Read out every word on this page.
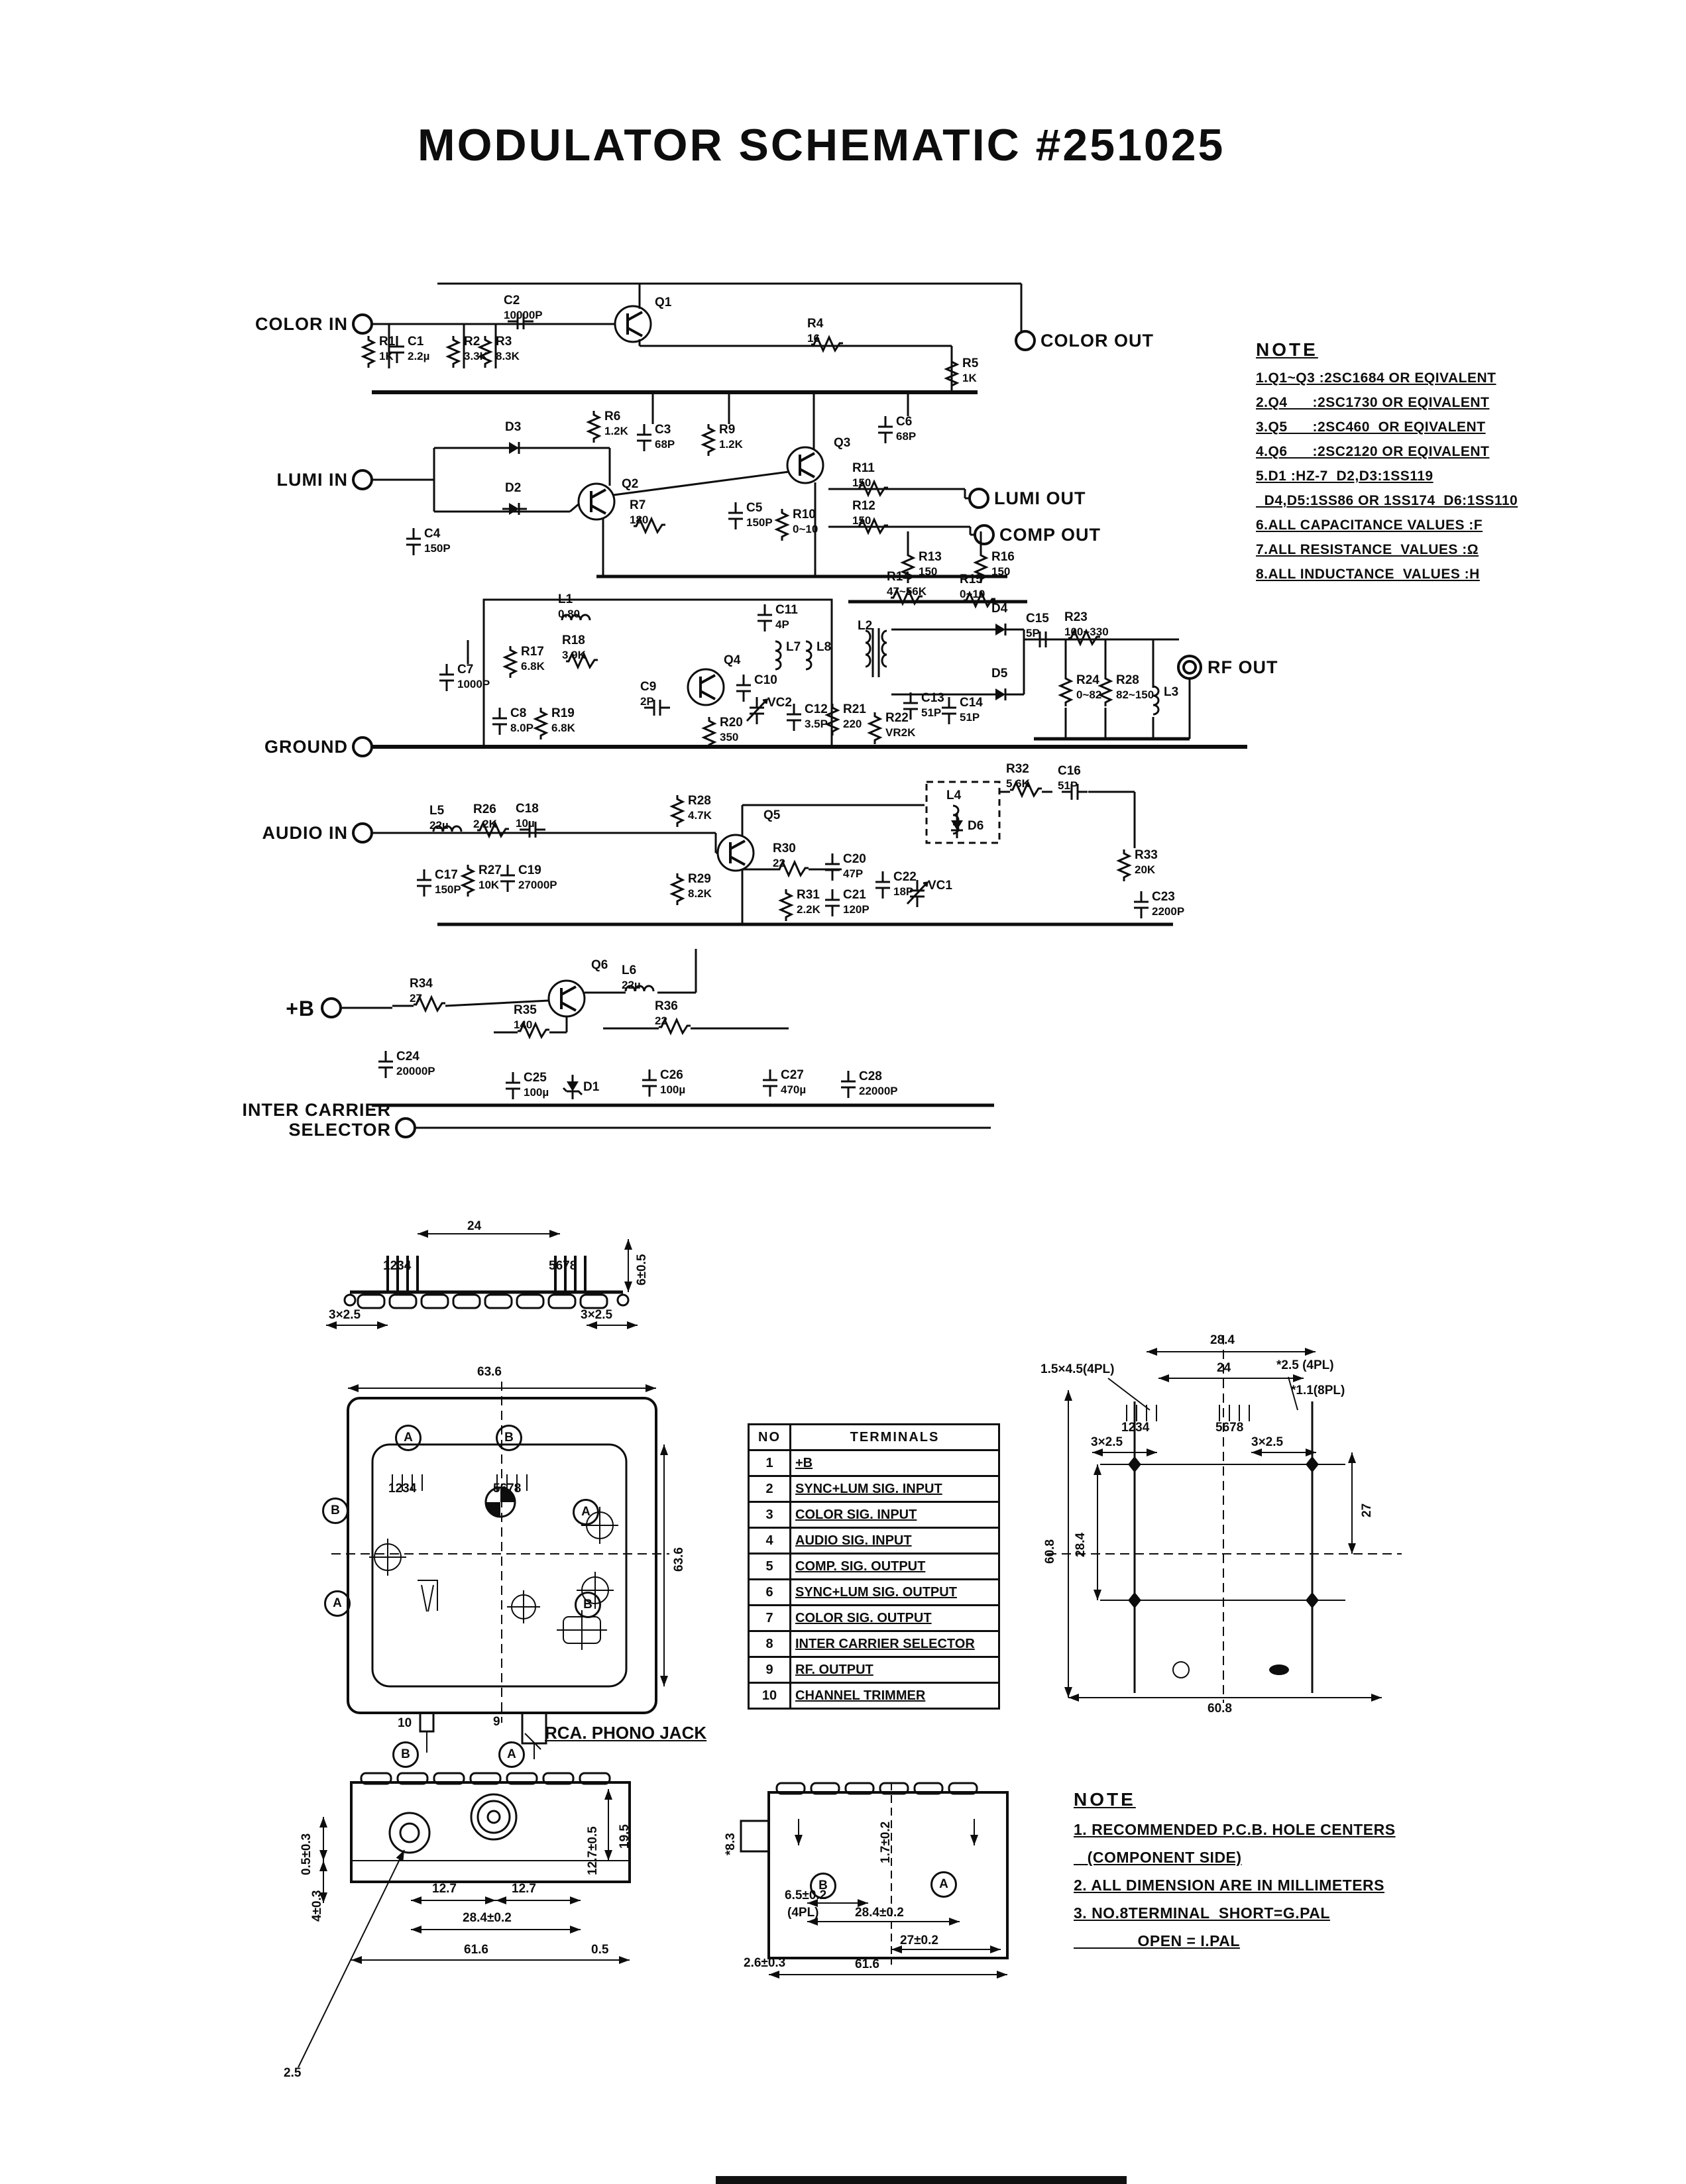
MODULATOR SCHEMATIC #251025
COLOR IN
LUMI IN
GROUND
AUDIO IN
+B
INTER CARRIER
SELECTOR
COLOR OUT
LUMI OUT
COMP OUT
RF OUT
R1
1K
C1
2.2µ
C2
10000P
R2
3.3K
R3
8.3K
Q1
R4
16
R5
1K
R6
1.2K
D3
D2	Q2
R7
180
C4
150P
C3
68P
R9
1.2K	Q3
R10
0~10
C5
150P
R11
150
R12
150
C6
68P
R13
150
R16
150
R14
47~56K
R15
0~10
C7
1000P
L1
0.80
R17
6.8K
R18
3.9K	Q4
C9
2P
C8
8.0P
R19
6.8K	R20
350
C10
C11
4P
L7 L8
VC2 C12
3.5P
L2
R21
220	R22
VR2K
C13
51P
C14
51P
D4
D5
C15
5P
R23
100~330
R24
0~82
R28
82~150 L3
L5
22µ
R26
2.2K
C18
10µ
C17
150P
R27
10K
C19
27000P
R28
4.7K
R29
8.2K
Q5
R30
22
R31
2.2K
C20
47P
C21
120P
C22
18P VC1
L4
D6
R32
5.6K
C16
51P
R33
20K
C23
2200P
R34
27
Q6 L6
22µ
R35
140
R36
22
C24
20000P	C25
100µ	D1
C26
100µ
C27
470µ
C28
22000P
NOTE
1.Q1~Q3 :2SC1684 OR EQIVALENT
2.Q4      :2SC1730 OR EQIVALENT
3.Q5      :2SC460  OR EQIVALENT
4.Q6      :2SC2120 OR EQIVALENT
5.D1 :HZ-7  D2,D3:1SS119
D4,D5:1SS86 OR 1SS174  D6:1SS110
6.ALL CAPACITANCE VALUES :F
7.ALL RESISTANCE  VALUES :Ω
8.ALL INDUCTANCE  VALUES :H
NOTE
1. RECOMMENDED P.C.B. HOLE CENTERS
(COMPONENT SIDE)
2. ALL DIMENSION ARE IN MILLIMETERS
3. NO.8TERMINAL  SHORT=G.PAL
OPEN = I.PAL
NO	TERMINALS
1	+B
2	SYNC+LUM SIG. INPUT
3	COLOR SIG. INPUT
4	AUDIO SIG. INPUT
5	COMP. SIG. OUTPUT
6	SYNC+LUM SIG. OUTPUT
7	COLOR SIG. OUTPUT
8	INTER CARRIER SELECTOR
9	RF. OUTPUT
10	CHANNEL TRIMMER
RCA. PHONO JACK
24
1234	5678
3×2.5	3×2.5
6±0.5
63.6
63.6
A	B
B	A
A	B
1234	5678
10	9
B	A
28.4
24
1.5×4.5(4PL)	*2.5 (4PL)
*1.1(8PL)
1234	5678
3×2.5	3×2.5
27
28.4
60.8
60.8
0.5±0.3
4±0.3
12.7±0.5 19.5
12.7	12.7
28.4±0.2
61.6	0.5
2.5
*8.3	1.7±0.2
B	A
6.5±0.2
(4PL)	28.4±0.2
27±0.2
2.6±0.3	61.6
